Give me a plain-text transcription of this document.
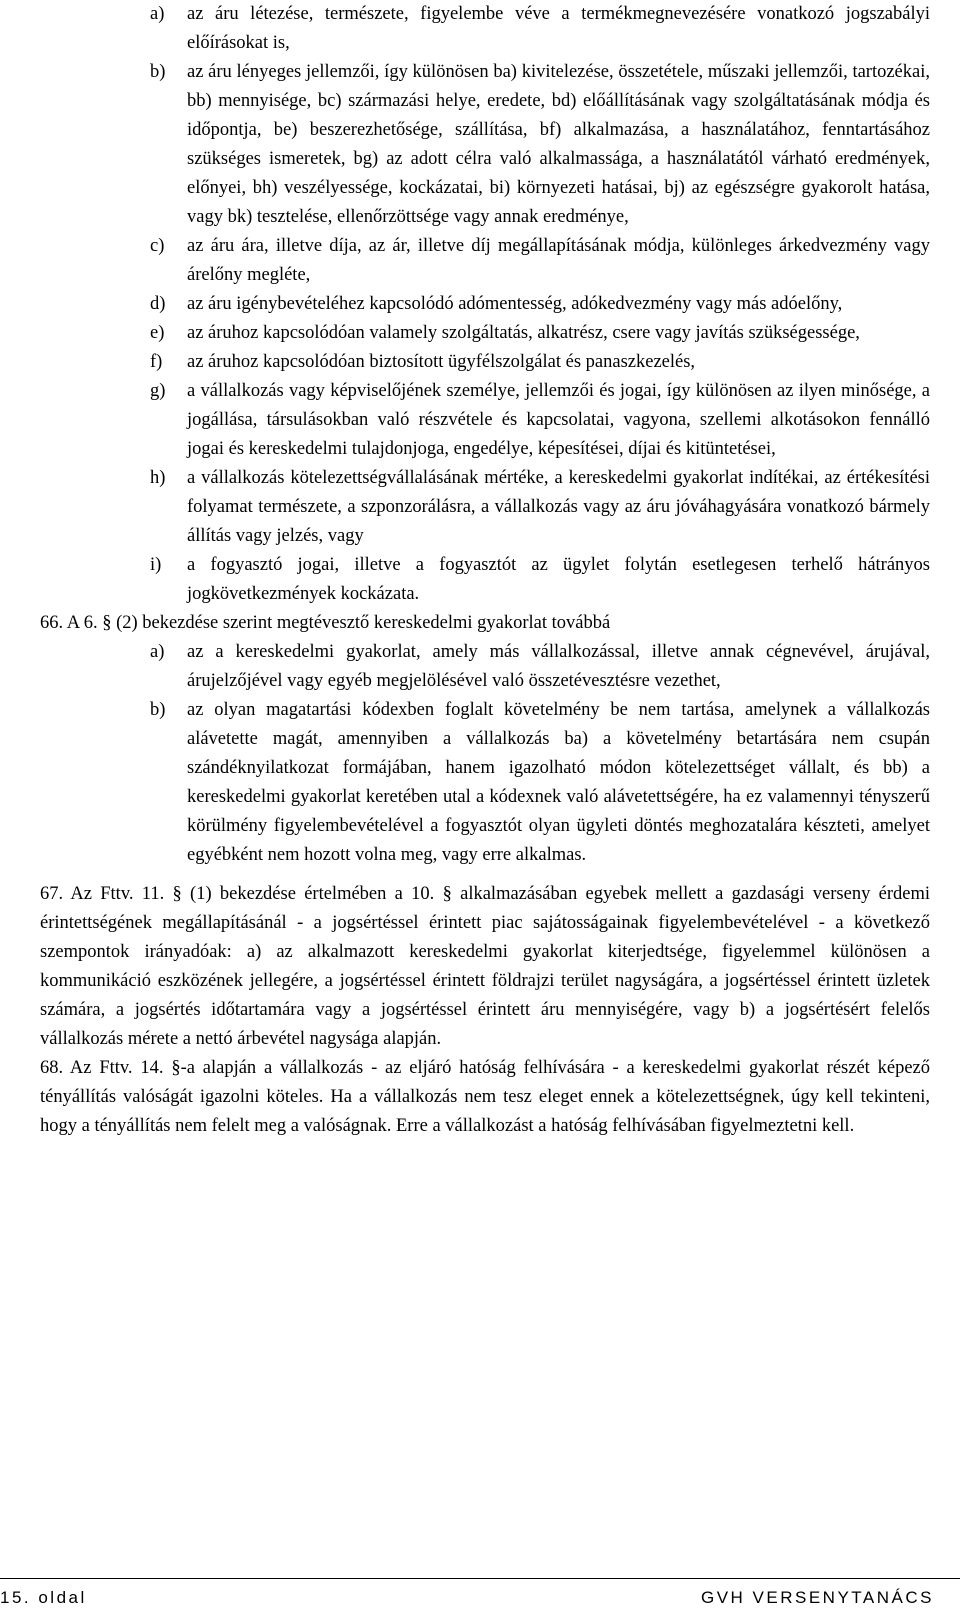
a) az áru létezése, természete, figyelembe véve a termékmegnevezésére vonatkozó jogszabályi előírásokat is,
b) az áru lényeges jellemzői, így különösen ba) kivitelezése, összetétele, műszaki jellemzői, tartozékai, bb) mennyisége, bc) származási helye, eredete, bd) előállításának vagy szolgáltatásának módja és időpontja, be) beszerezhetősége, szállítása, bf) alkalmazása, a használatához, fenntartásához szükséges ismeretek, bg) az adott célra való alkalmassága, a használatától várható eredmények, előnyei, bh) veszélyessége, kockázatai, bi) környezeti hatásai, bj) az egészségre gyakorolt hatása, vagy bk) tesztelése, ellenőrzöttsége vagy annak eredménye,
c) az áru ára, illetve díja, az ár, illetve díj megállapításának módja, különleges árkedvezmény vagy árelőny megléte,
d) az áru igénybevételéhez kapcsolódó adómentesség, adókedvezmény vagy más adóelőny,
e) az áruhoz kapcsolódóan valamely szolgáltatás, alkatrész, csere vagy javítás szükségessége,
f) az áruhoz kapcsolódóan biztosított ügyfélszolgálat és panaszkezelés,
g) a vállalkozás vagy képviselőjének személye, jellemzői és jogai, így különösen az ilyen minősége, a jogállása, társulásokban való részvétele és kapcsolatai, vagyona, szellemi alkotásokon fennálló jogai és kereskedelmi tulajdonjoga, engedélye, képesítései, díjai és kitüntetései,
h) a vállalkozás kötelezettségvállalásának mértéke, a kereskedelmi gyakorlat indítékai, az értékesítési folyamat természete, a szponzorálásra, a vállalkozás vagy az áru jóváhagyására vonatkozó bármely állítás vagy jelzés, vagy
i) a fogyasztó jogai, illetve a fogyasztót az ügylet folytán esetlegesen terhelő hátrányos jogkövetkezmények kockázata.
66. A 6. § (2) bekezdése szerint megtévesztő kereskedelmi gyakorlat továbbá
a) az a kereskedelmi gyakorlat, amely más vállalkozással, illetve annak cégnevével, árujával, árujelzőjével vagy egyéb megjelölésével való összetévesztésre vezethet,
b) az olyan magatartási kódexben foglalt követelmény be nem tartása, amelynek a vállalkozás alávetette magát, amennyiben a vállalkozás ba) a követelmény betartására nem csupán szándéknyilatkozat formájában, hanem igazolható módon kötelezettséget vállalt, és bb) a kereskedelmi gyakorlat keretében utal a kódexnek való alávetettségére, ha ez valamennyi tényszerű körülmény figyelembevételével a fogyasztót olyan ügyleti döntés meghozatalára készteti, amelyet egyébként nem hozott volna meg, vagy erre alkalmas.
67. Az Fttv. 11. § (1) bekezdése értelmében a 10. § alkalmazásában egyebek mellett a gazdasági verseny érdemi érintettségének megállapításánál - a jogsértéssel érintett piac sajátosságainak figyelembevételével - a következő szempontok irányadóak: a) az alkalmazott kereskedelmi gyakorlat kiterjedtsége, figyelemmel különösen a kommunikáció eszközének jellegére, a jogsértéssel érintett földrajzi terület nagyságára, a jogsértéssel érintett üzletek számára, a jogsértés időtartamára vagy a jogsértéssel érintett áru mennyiségére, vagy b) a jogsértésért felelős vállalkozás mérete a nettó árbevétel nagysága alapján.
68. Az Fttv. 14. §-a alapján a vállalkozás - az eljáró hatóság felhívására - a kereskedelmi gyakorlat részét képező tényállítás valóságát igazolni köteles. Ha a vállalkozás nem tesz eleget ennek a kötelezettségnek, úgy kell tekinteni, hogy a tényállítás nem felelt meg a valóságnak. Erre a vállalkozást a hatóság felhívásában figyelmeztetni kell.
15. oldal	GVH VERSENYTANÁCS
